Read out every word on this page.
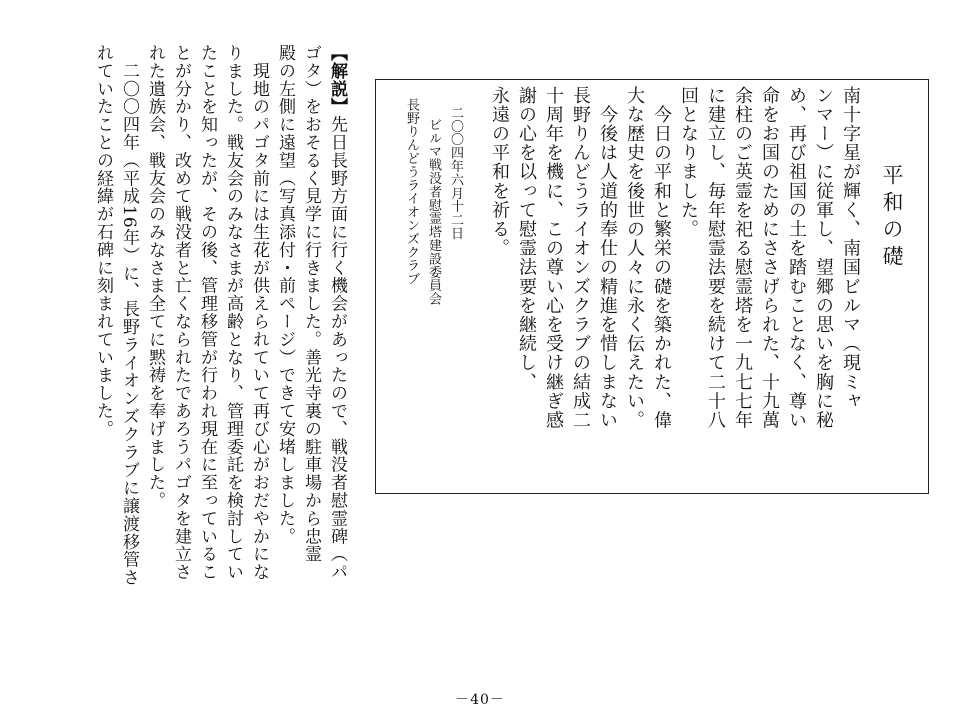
【解説】先日長野方面に行く機会があったので、戦没者慰霊碑（パ
ゴタ）をおそるく見学に行きました。善光寺裏の駐車場から忠霊
殿の左側に遠望（写真添付・前ページ）できて安堵しました。
　現地のパゴタ前には生花が供えられていて再び心がおだやかにな
りました。戦友会のみなさまが高齢となり、管理委託を検討してい
たことを知ったが、その後、管理移管が行われ現在に至っているこ
とが分かり、改めて戦没者と亡くなられたであろうパゴタを建立さ
れた遺族会、戦友会のみなさま全てに黙祷を奉げました。
　二〇〇四年（平成16年）に、長野ライオンズクラブに譲渡移管さ
れていたことの経緯が石碑に刻まれていました。	平和の礎
南十字星が輝く、南国ビルマ（現ミャ
ンマー）に従軍し、望郷の思いを胸に秘
め、再び祖国の土を踏むことなく、尊い
命をお国のためにささげられた、十九萬
余柱のご英霊を祀る慰霊塔を一九七七年
に建立し、毎年慰霊法要を続けて二十八
回となりました。
　今日の平和と繁栄の礎を築かれた、偉
大な歴史を後世の人々に永く伝えたい。
　今後は人道的奉仕の精進を惜しまない
長野りんどうライオンズクラブの結成二
十周年を機に、この尊い心を受け継ぎ感
謝の心を以って慰霊法要を継続し、
永遠の平和を祈る。
二〇〇四年六月十二日
ビルマ戦没者慰霊塔建設委員会
長野りんどうライオンズクラブ
－40－
